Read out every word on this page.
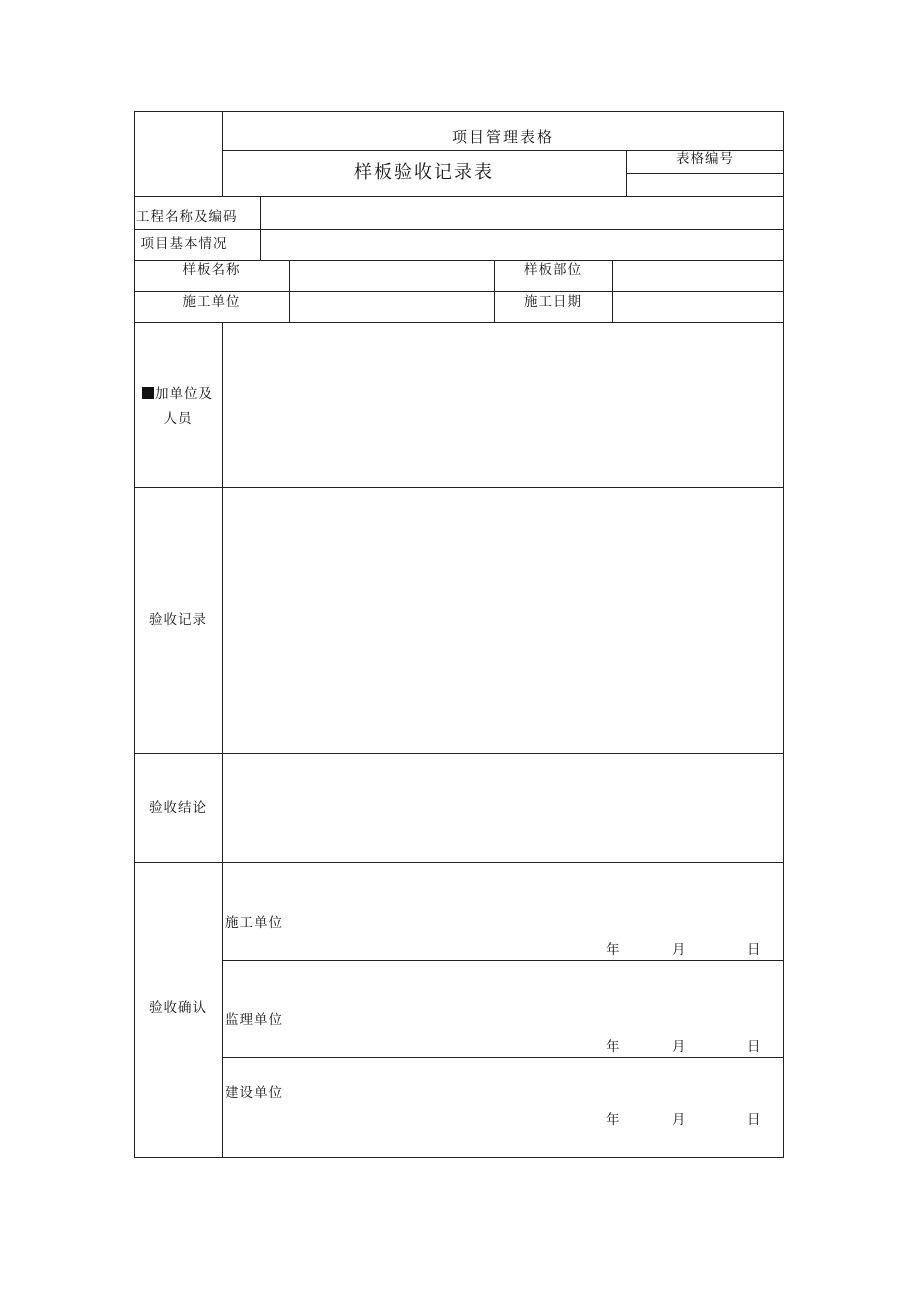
项目管理表格
样板验收记录表
表格编号
工程名称及编码
项目基本情况
样板名称	样板部位
施工单位	施工日期
加单位及
人员
验收记录
验收结论
验收确认
施工单位
年	月	日
监理单位
年	月	日
建设单位
年	月	日
